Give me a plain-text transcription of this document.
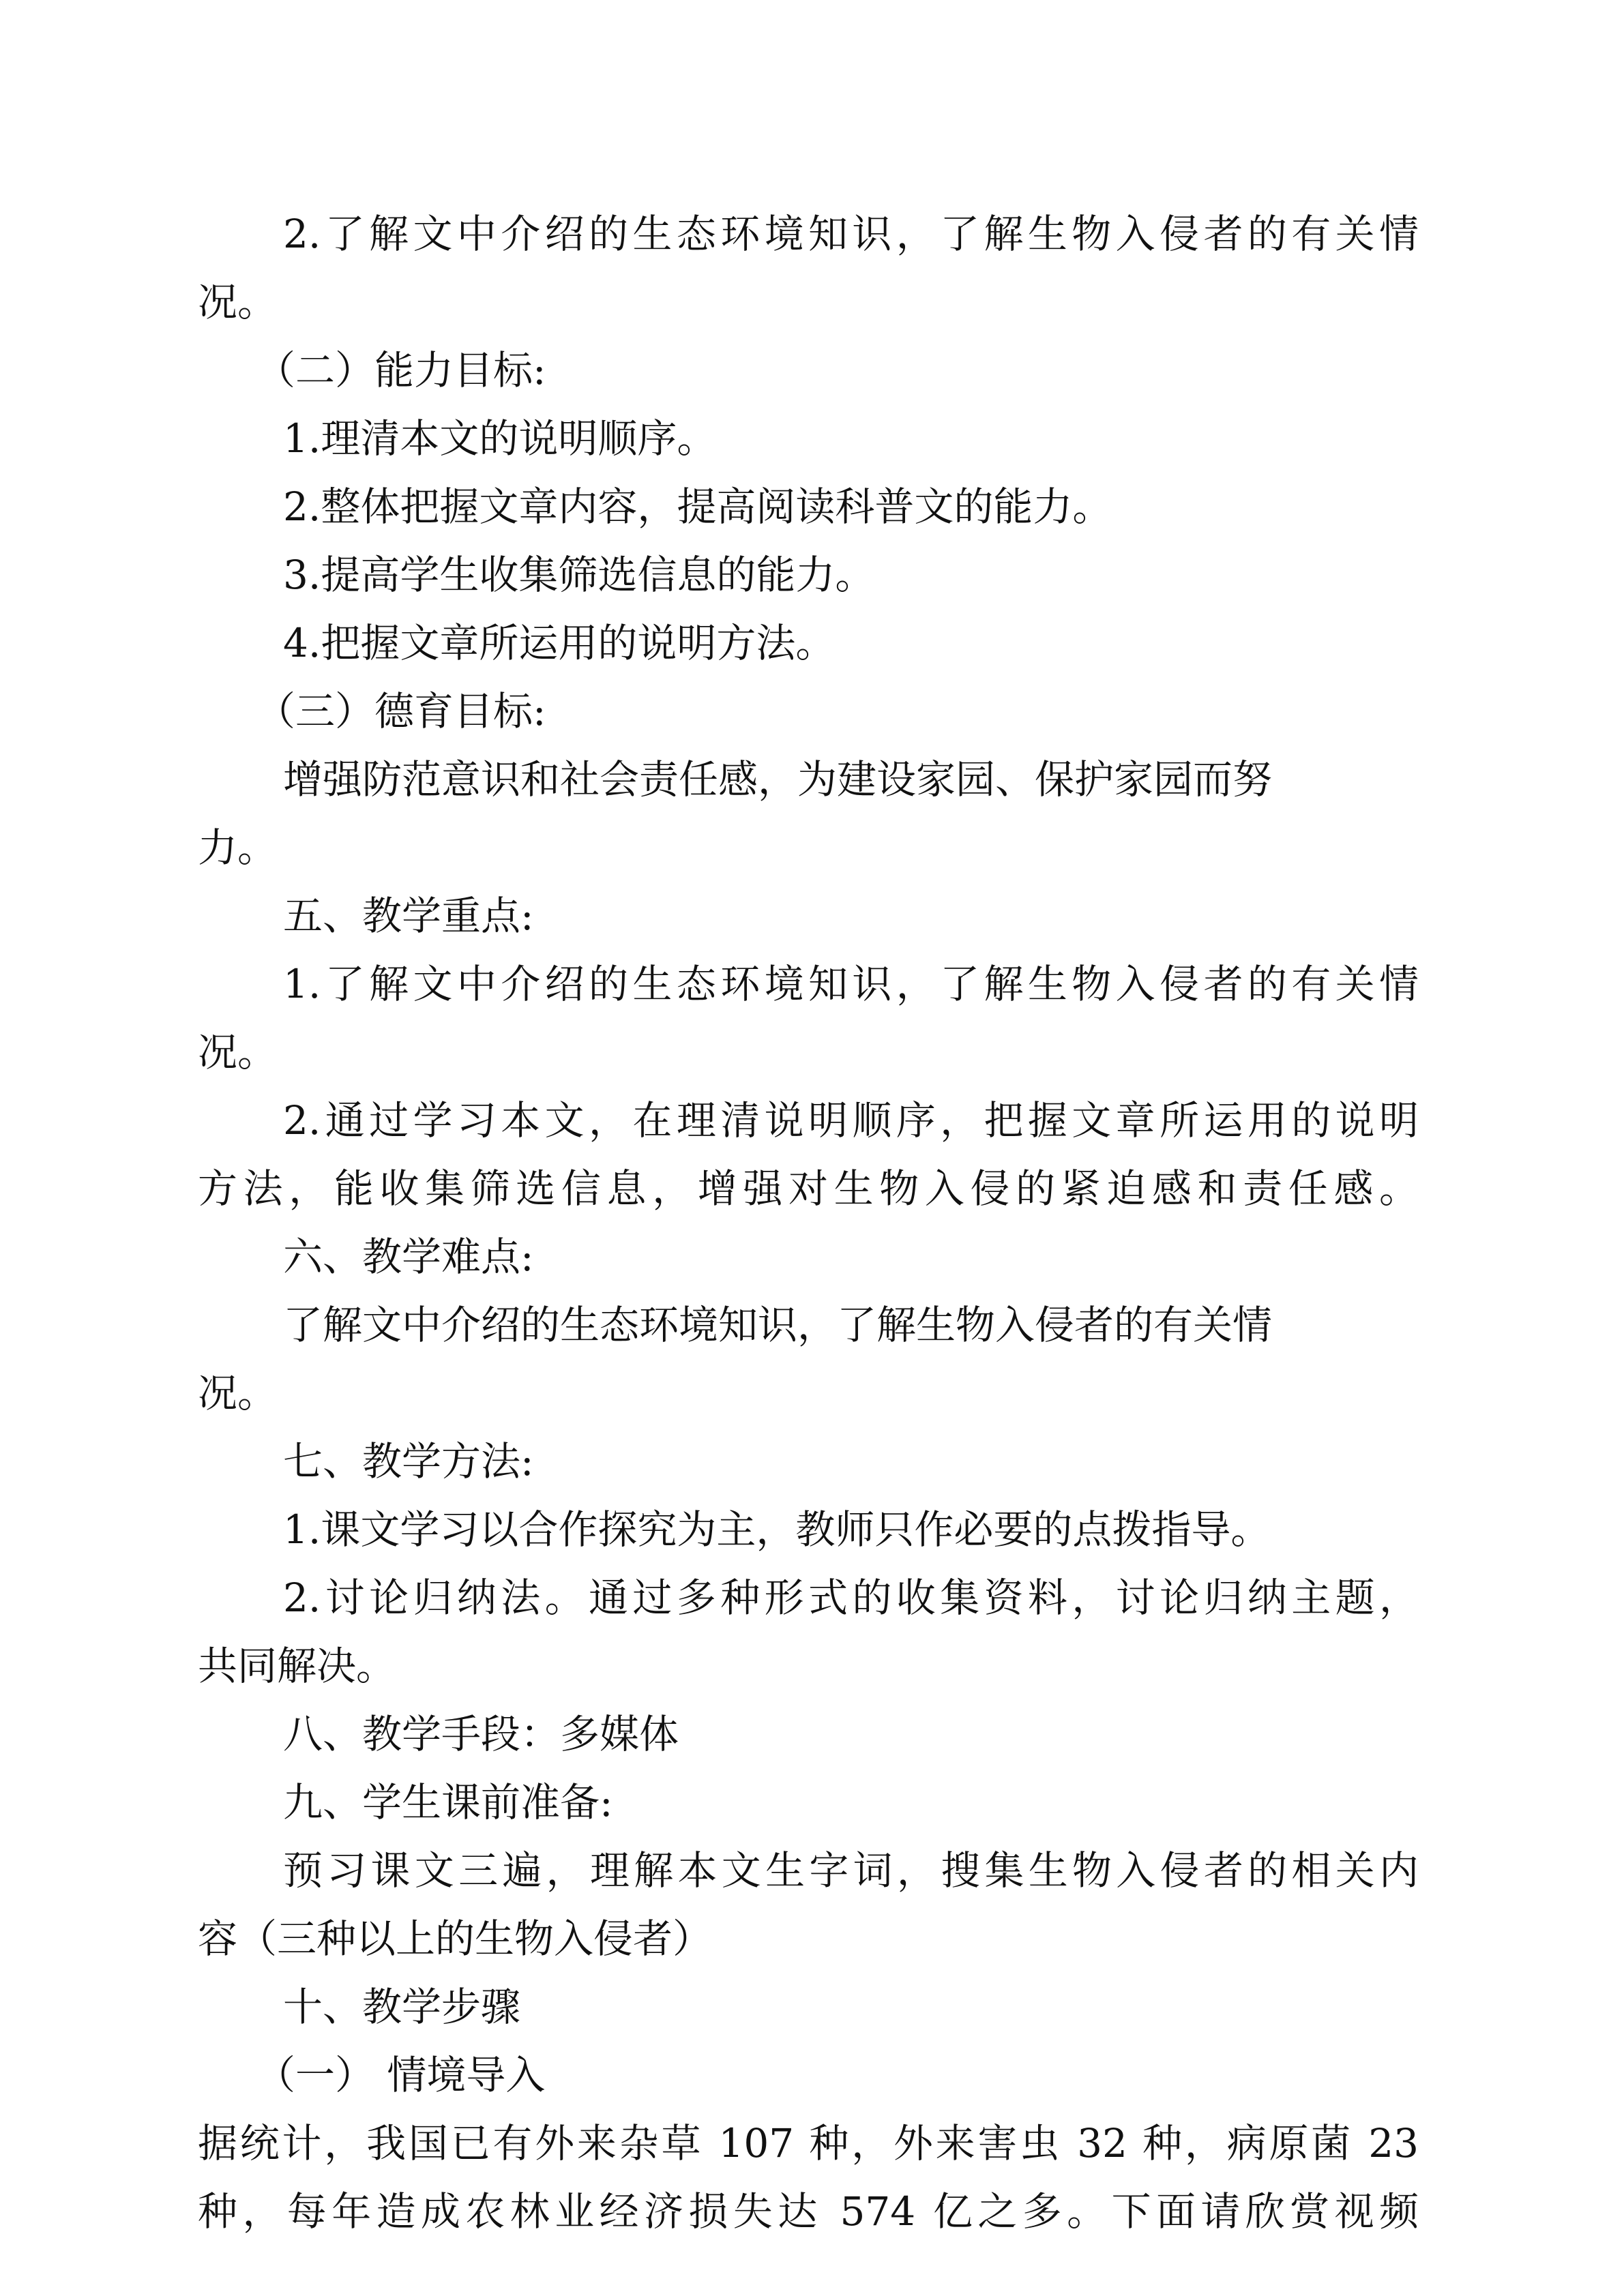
2.了解文中介绍的生态环境知识，了解生物入侵者的有关情

况。

（二）能力目标:

1.理清本文的说明顺序。

2.整体把握文章内容，提高阅读科普文的能力。

3.提高学生收集筛选信息的能力。

4.把握文章所运用的说明方法。

（三）德育目标:

增强防范意识和社会责任感，为建设家园、保护家园而努

力。

五、教学重点:

1.了解文中介绍的生态环境知识，了解生物入侵者的有关情

况。

2.通过学习本文，在理清说明顺序，把握文章所运用的说明

方法，能收集筛选信息，增强对生物入侵的紧迫感和责任感。

六、教学难点:

了解文中介绍的生态环境知识，了解生物入侵者的有关情

况。

七、教学方法:

1.课文学习以合作探究为主，教师只作必要的点拨指导。

2.讨论归纳法。通过多种形式的收集资料，讨论归纳主题，

共同解决。

八、教学手段：多媒体

九、学生课前准备:

预习课文三遍，理解本文生字词，搜集生物入侵者的相关内

容（三种以上的生物入侵者）

十、教学步骤

（一） 情境导入

据统计，我国已有外来杂草 107 种，外来害虫 32 种，病原菌 23

种，每年造成农林业经济损失达 574 亿之多。下面请欣赏视频
